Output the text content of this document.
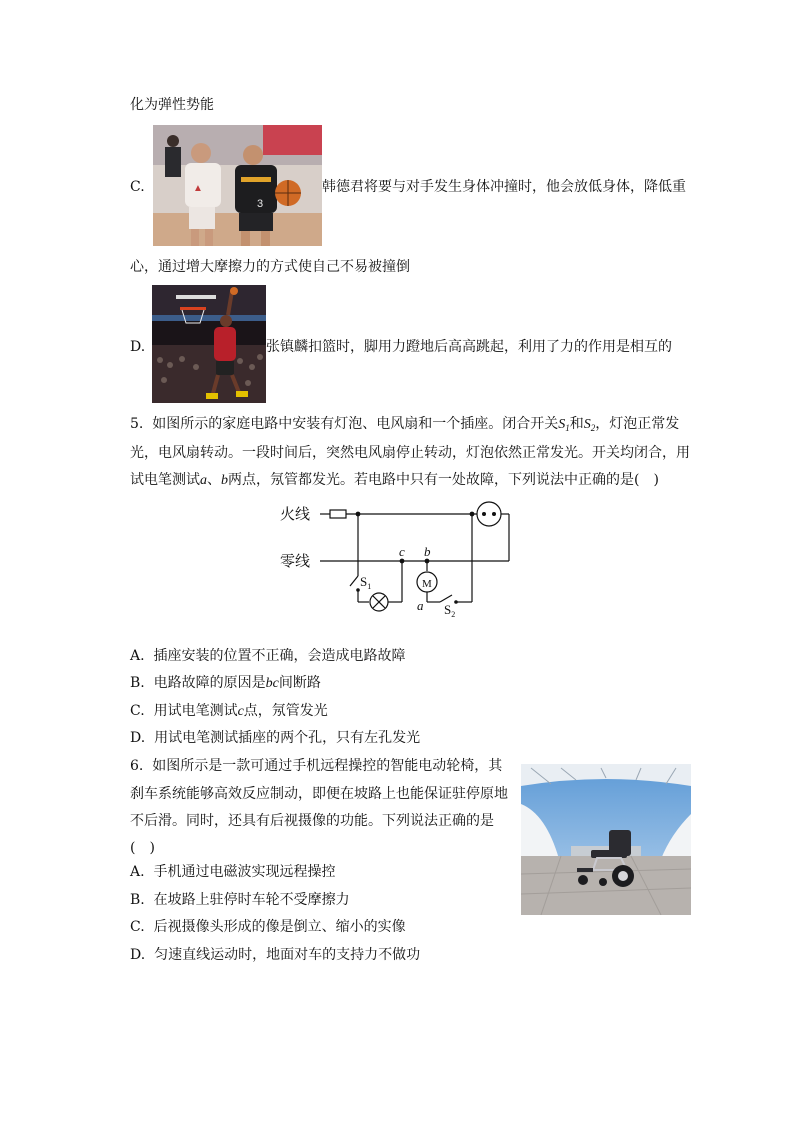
化为弹性势能
▲
3
C.	韩德君将要与对手发生身体冲撞时，他会放低身体，降低重
心，通过增大摩擦力的方式使自己不易被撞倒
D.	张镇麟扣篮时，脚用力蹬地后高高跳起，利用了力的作用是相互的
5. 如图所示的家庭电路中安装有灯泡、电风扇和一个插座。闭合开关$S_1$和$S_2$，灯泡正常发
光，电风扇转动。一段时间后，突然电风扇停止转动，灯泡依然正常发光。开关均闭合，用
试电笔测试a、b两点，氖管都发光。若电路中只有一处故障，下列说法中正确的是(　)
火线
零线
c b
a
M
$S_1$
$S_2$
A. 插座安装的位置不正确，会造成电路故障
B. 电路故障的原因是bc间断路
C. 用试电笔测试c点，氖管发光
D. 用试电笔测试插座的两个孔，只有左孔发光
6. 如图所示是一款可通过手机远程操控的智能电动轮椅，其
刹车系统能够高效反应制动，即便在坡路上也能保证驻停原地
不后滑。同时，还具有后视摄像的功能。下列说法正确的是
(　)
A. 手机通过电磁波实现远程操控
B. 在坡路上驻停时车轮不受摩擦力
C. 后视摄像头形成的像是倒立、缩小的实像
D. 匀速直线运动时，地面对车的支持力不做功
